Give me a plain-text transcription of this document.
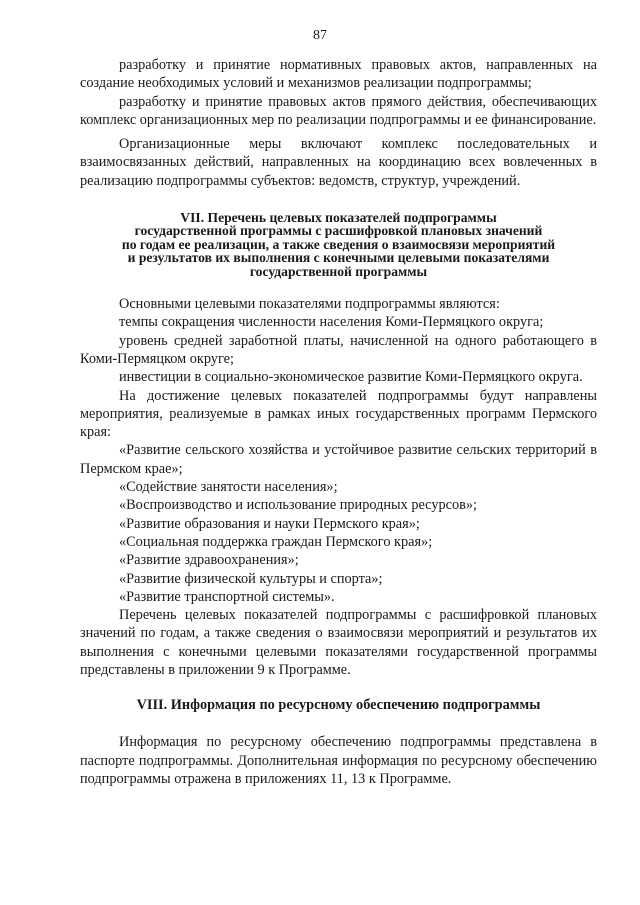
87

разработку и принятие нормативных правовых актов, направленных на создание необходимых условий и механизмов реализации подпрограммы;

разработку и принятие правовых актов прямого действия, обеспечивающих комплекс организационных мер по реализации подпрограммы и ее финансирование.

Организационные меры включают комплекс последовательных и взаимосвязанных действий, направленных на координацию всех вовлеченных в реализацию подпрограммы субъектов: ведомств, структур, учреждений.

VII. Перечень целевых показателей подпрограммы
государственной программы с расшифровкой плановых значений
по годам ее реализации, а также сведения о взаимосвязи мероприятий
и результатов их выполнения с конечными целевыми показателями
государственной программы

Основными целевыми показателями подпрограммы являются:

темпы сокращения численности населения Коми-Пермяцкого округа;

уровень средней заработной платы, начисленной на одного работающего в Коми-Пермяцком округе;

инвестиции в социально-экономическое развитие Коми-Пермяцкого округа.

На достижение целевых показателей подпрограммы будут направлены мероприятия, реализуемые в рамках иных государственных программ Пермского края:

«Развитие сельского хозяйства и устойчивое развитие сельских территорий в Пермском крае»;

«Содействие занятости населения»;

«Воспроизводство и использование природных ресурсов»;

«Развитие образования и науки Пермского края»;

«Социальная поддержка граждан Пермского края»;

«Развитие здравоохранения»;

«Развитие физической культуры и спорта»;

«Развитие транспортной системы».

Перечень целевых показателей подпрограммы с расшифровкой плановых значений по годам, а также сведения о взаимосвязи мероприятий и результатов их выполнения с конечными целевыми показателями государственной программы представлены в приложении 9 к Программе.

VIII. Информация по ресурсному обеспечению подпрограммы

Информация по ресурсному обеспечению подпрограммы представлена в паспорте подпрограммы. Дополнительная информация по ресурсному обеспечению подпрограммы отражена в приложениях 11, 13 к Программе.
